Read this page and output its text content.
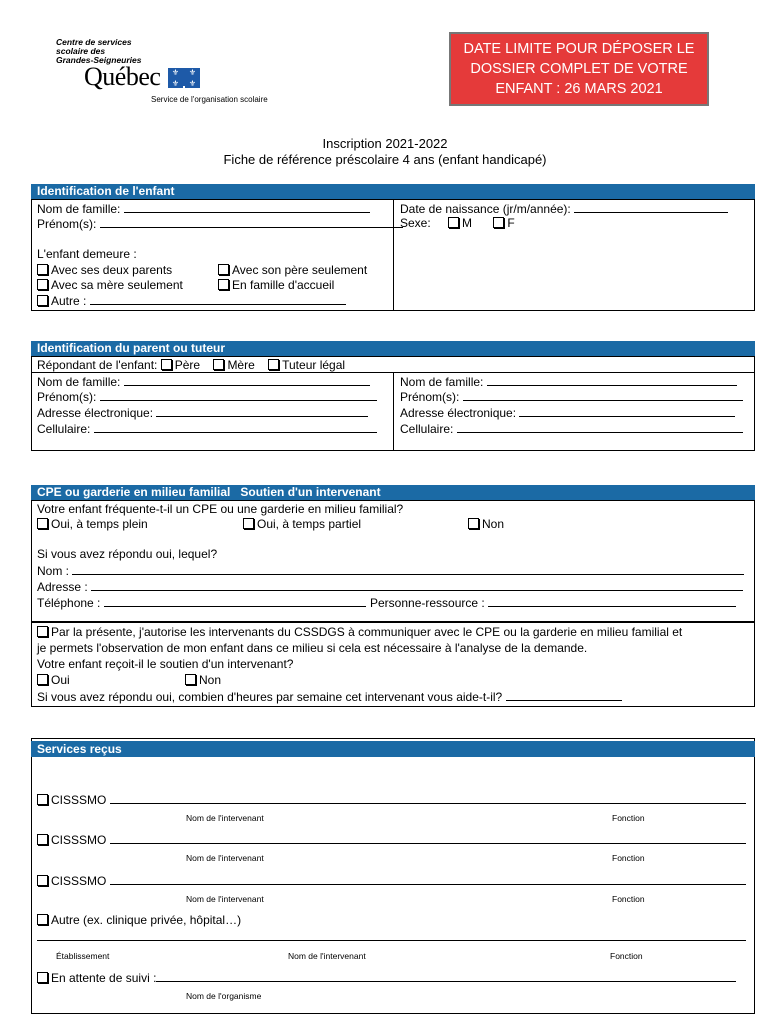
Centre de services
scolaire des
Grandes-Seigneuries
Québec	⚜	⚜
⚜	⚜
Service de l'organisation scolaire
DATE LIMITE POUR DÉPOSER LE
DOSSIER COMPLET DE VOTRE
ENFANT : 26 MARS 2021
Inscription 2021-2022
Fiche de référence préscolaire 4 ans (enfant handicapé)
Identification de l'enfant
Nom de famille:
Prénom(s):
Date de naissance (jr/m/année):
Sexe:	M	F
L'enfant demeure :
Avec ses deux parents	Avec son père seulement
Avec sa mère seulement	En famille d'accueil
Autre :
Identification du parent ou tuteur
Répondant de l'enfant: Père Mère Tuteur légal
Nom de famille:
Prénom(s):
Adresse électronique:
Cellulaire:
Nom de famille:
Prénom(s):
Adresse électronique:
Cellulaire:
CPE ou garderie en milieu familial   Soutien d'un intervenant
Votre enfant fréquente-t-il un CPE ou une garderie en milieu familial?
Oui, à temps plein	Oui, à temps partiel	Non
Si vous avez répondu oui, lequel?
Nom :
Adresse :
Téléphone :	Personne-ressource :
Par la présente, j'autorise les intervenants du CSSDGS à communiquer avec le CPE ou la garderie en milieu familial et
je permets l'observation de mon enfant dans ce milieu si cela est nécessaire à l'analyse de la demande.
Votre enfant reçoit-il le soutien d'un intervenant?
Oui	Non
Si vous avez répondu oui, combien d'heures par semaine cet intervenant vous aide-t-il?
Services reçus
CISSSMO
Nom de l'intervenant	Fonction
CISSSMO
Nom de l'intervenant	Fonction
CISSSMO
Nom de l'intervenant	Fonction
Autre (ex. clinique privée, hôpital…)
Établissement	Nom de l'intervenant	Fonction
En attente de suivi :
Nom de l'organisme
